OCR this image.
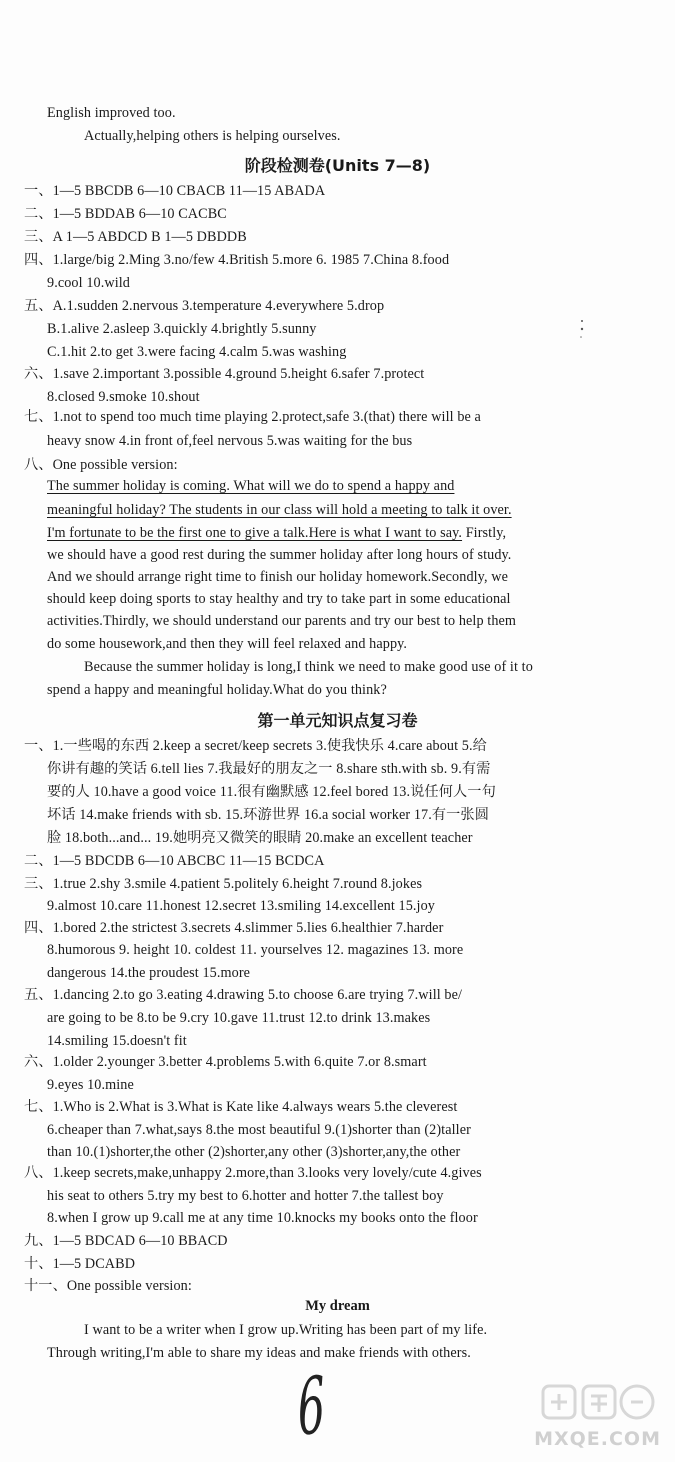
English improved too.
Actually,helping others is helping ourselves.
阶段检测卷(Units 7—8)
一、1—5 BBCDB 6—10 CBACB 11—15 ABADA
二、1—5 BDDAB 6—10 CACBC
三、A 1—5 ABDCD B 1—5 DBDDB
四、1.large/big 2.Ming 3.no/few 4.British 5.more 6. 1985 7.China 8.food
9.cool 10.wild
五、A.1.sudden 2.nervous 3.temperature 4.everywhere 5.drop
B.1.alive 2.asleep 3.quickly 4.brightly 5.sunny
C.1.hit 2.to get 3.were facing 4.calm 5.was washing
六、1.save 2.important 3.possible 4.ground 5.height 6.safer 7.protect
8.closed 9.smoke 10.shout
七、1.not to spend too much time playing 2.protect,safe 3.(that) there will be a
heavy snow 4.in front of,feel nervous 5.was waiting for the bus
八、One possible version:
The summer holiday is coming. What will we do to spend a happy and
meaningful holiday? The students in our class will hold a meeting to talk it over.
I'm fortunate to be the first one to give a talk.Here is what I want to say. Firstly,
we should have a good rest during the summer holiday after long hours of study.
And we should arrange right time to finish our holiday homework.Secondly, we
should keep doing sports to stay healthy and try to take part in some educational
activities.Thirdly, we should understand our parents and try our best to help them
do some housework,and then they will feel relaxed and happy.
Because the summer holiday is long,I think we need to make good use of it to
spend a happy and meaningful holiday.What do you think?
第一单元知识点复习卷
一、1.一些喝的东西 2.keep a secret/keep secrets 3.使我快乐 4.care about 5.给
你讲有趣的笑话 6.tell lies 7.我最好的朋友之一 8.share sth.with sb. 9.有需
要的人 10.have a good voice 11.很有幽默感 12.feel bored 13.说任何人一句
坏话 14.make friends with sb. 15.环游世界 16.a social worker 17.有一张圆
脸 18.both...and... 19.她明亮又微笑的眼睛 20.make an excellent teacher
二、1—5 BDCDB 6—10 ABCBC 11—15 BCDCA
三、1.true 2.shy 3.smile 4.patient 5.politely 6.height 7.round 8.jokes
9.almost 10.care 11.honest 12.secret 13.smiling 14.excellent 15.joy
四、1.bored 2.the strictest 3.secrets 4.slimmer 5.lies 6.healthier 7.harder
8.humorous 9. height 10. coldest 11. yourselves 12. magazines 13. more
dangerous 14.the proudest 15.more
五、1.dancing 2.to go 3.eating 4.drawing 5.to choose 6.are trying 7.will be/
are going to be 8.to be 9.cry 10.gave 11.trust 12.to drink 13.makes
14.smiling 15.doesn't fit
六、1.older 2.younger 3.better 4.problems 5.with 6.quite 7.or 8.smart
9.eyes 10.mine
七、1.Who is 2.What is 3.What is Kate like 4.always wears 5.the cleverest
6.cheaper than 7.what,says 8.the most beautiful 9.(1)shorter than (2)taller
than 10.(1)shorter,the other (2)shorter,any other (3)shorter,any,the other
八、1.keep secrets,make,unhappy 2.more,than 3.looks very lovely/cute 4.gives
his seat to others 5.try my best to 6.hotter and hotter 7.the tallest boy
8.when I grow up 9.call me at any time 10.knocks my books onto the floor
九、1—5 BDCAD 6—10 BBACD
十、1—5 DCABD
十一、One possible version:
My dream
I want to be a writer when I grow up.Writing has been part of my life.
Through writing,I'm able to share my ideas and make friends with others.
6	MXQE.COM
